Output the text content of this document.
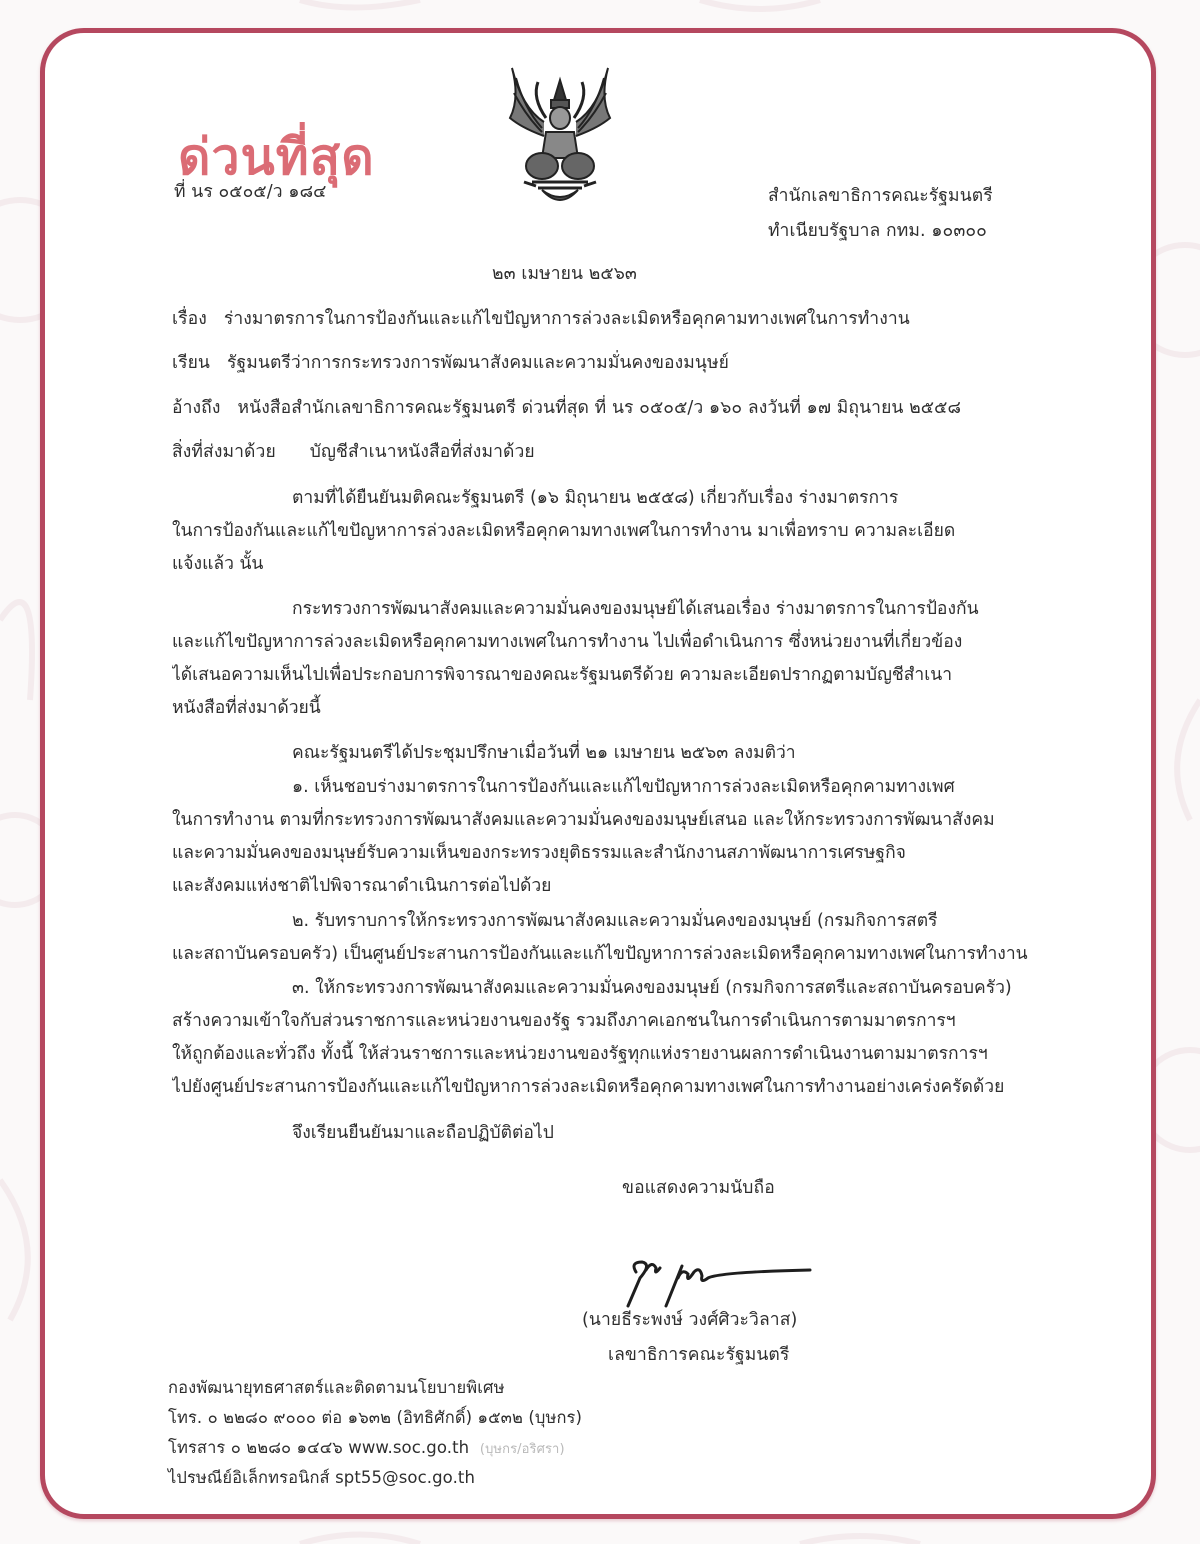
ด่วนที่สุด
ที่ นร ๐๕๐๕/ว ๑๘๔	สำนักเลขาธิการคณะรัฐมนตรี
ทำเนียบรัฐบาล กทม. ๑๐๓๐๐
๒๓ เมษายน ๒๕๖๓
เรื่อง ร่างมาตรการในการป้องกันและแก้ไขปัญหาการล่วงละเมิดหรือคุกคามทางเพศในการทำงาน
เรียน รัฐมนตรีว่าการกระทรวงการพัฒนาสังคมและความมั่นคงของมนุษย์
อ้างถึง หนังสือสำนักเลขาธิการคณะรัฐมนตรี ด่วนที่สุด ที่ นร ๐๕๐๕/ว ๑๖๐ ลงวันที่ ๑๗ มิถุนายน ๒๕๕๘
สิ่งที่ส่งมาด้วย บัญชีสำเนาหนังสือที่ส่งมาด้วย
ตามที่ได้ยืนยันมติคณะรัฐมนตรี (๑๖ มิถุนายน ๒๕๕๘) เกี่ยวกับเรื่อง ร่างมาตรการ
ในการป้องกันและแก้ไขปัญหาการล่วงละเมิดหรือคุกคามทางเพศในการทำงาน มาเพื่อทราบ ความละเอียด
แจ้งแล้ว นั้น
กระทรวงการพัฒนาสังคมและความมั่นคงของมนุษย์ได้เสนอเรื่อง ร่างมาตรการในการป้องกัน
และแก้ไขปัญหาการล่วงละเมิดหรือคุกคามทางเพศในการทำงาน ไปเพื่อดำเนินการ ซึ่งหน่วยงานที่เกี่ยวข้อง
ได้เสนอความเห็นไปเพื่อประกอบการพิจารณาของคณะรัฐมนตรีด้วย ความละเอียดปรากฏตามบัญชีสำเนา
หนังสือที่ส่งมาด้วยนี้
คณะรัฐมนตรีได้ประชุมปรึกษาเมื่อวันที่ ๒๑ เมษายน ๒๕๖๓ ลงมติว่า
๑. เห็นชอบร่างมาตรการในการป้องกันและแก้ไขปัญหาการล่วงละเมิดหรือคุกคามทางเพศ
ในการทำงาน ตามที่กระทรวงการพัฒนาสังคมและความมั่นคงของมนุษย์เสนอ และให้กระทรวงการพัฒนาสังคม
และความมั่นคงของมนุษย์รับความเห็นของกระทรวงยุติธรรมและสำนักงานสภาพัฒนาการเศรษฐกิจ
และสังคมแห่งชาติไปพิจารณาดำเนินการต่อไปด้วย
๒. รับทราบการให้กระทรวงการพัฒนาสังคมและความมั่นคงของมนุษย์ (กรมกิจการสตรี
และสถาบันครอบครัว) เป็นศูนย์ประสานการป้องกันและแก้ไขปัญหาการล่วงละเมิดหรือคุกคามทางเพศในการทำงาน
๓. ให้กระทรวงการพัฒนาสังคมและความมั่นคงของมนุษย์ (กรมกิจการสตรีและสถาบันครอบครัว)
สร้างความเข้าใจกับส่วนราชการและหน่วยงานของรัฐ รวมถึงภาคเอกชนในการดำเนินการตามมาตรการฯ
ให้ถูกต้องและทั่วถึง ทั้งนี้ ให้ส่วนราชการและหน่วยงานของรัฐทุกแห่งรายงานผลการดำเนินงานตามมาตรการฯ
ไปยังศูนย์ประสานการป้องกันและแก้ไขปัญหาการล่วงละเมิดหรือคุกคามทางเพศในการทำงานอย่างเคร่งครัดด้วย
จึงเรียนยืนยันมาและถือปฏิบัติต่อไป
ขอแสดงความนับถือ
(นายธีระพงษ์ วงศ์ศิวะวิลาส)
เลขาธิการคณะรัฐมนตรี
กองพัฒนายุทธศาสตร์และติดตามนโยบายพิเศษ
โทร. ๐ ๒๒๘๐ ๙๐๐๐ ต่อ ๑๖๓๒ (อิทธิศักดิ์) ๑๕๓๒ (บุษกร)
โทรสาร ๐ ๒๒๘๐ ๑๔๔๖ www.soc.go.th (บุษกร/อริศรา)
ไปรษณีย์อิเล็กทรอนิกส์ spt55@soc.go.th
